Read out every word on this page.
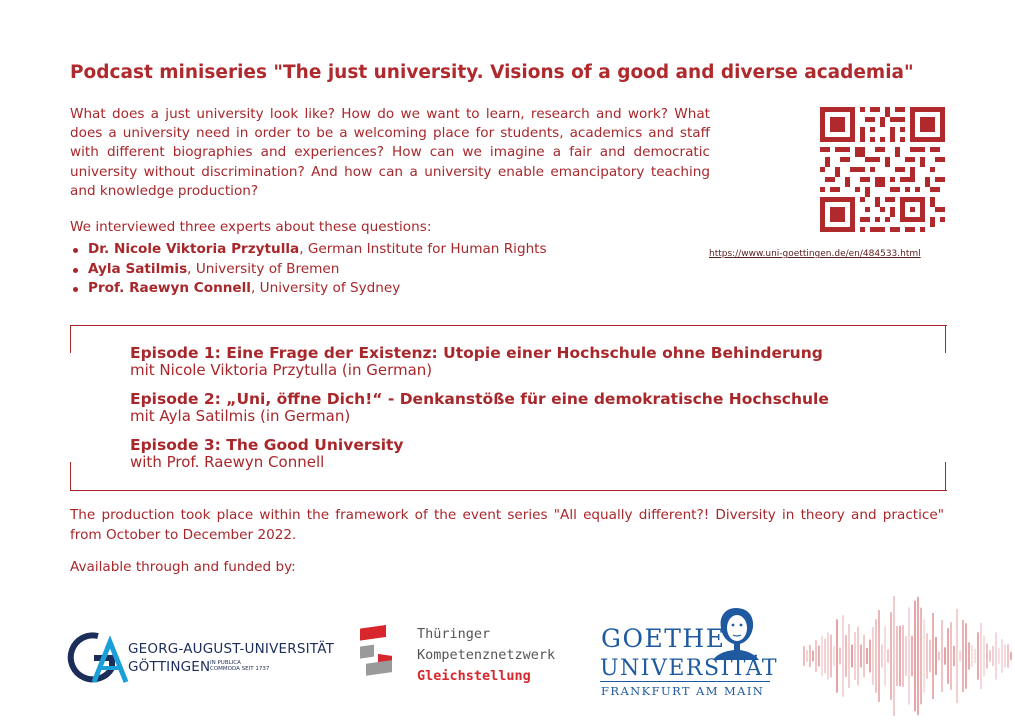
Podcast miniseries "The just university. Visions of a good and diverse academia"
What does a just university look like? How do we want to learn, research and work? What does a university need in order to be a welcoming place for students, academics and staff with different biographies and experiences? How can we imagine a fair and democratic university without discrimination? And how can a university enable emancipatory teaching and knowledge production?
We interviewed three experts about these questions:
Dr. Nicole Viktoria Przytulla, German Institute for Human Rights
Ayla Satilmis, University of Bremen
Prof. Raewyn Connell, University of Sydney
https://www.uni-goettingen.de/en/484533.html
Episode 1: Eine Frage der Existenz: Utopie einer Hochschule ohne Behinderung
mit Nicole Viktoria Przytulla (in German)
Episode 2: „Uni, öffne Dich!“ - Denkanstöße für eine demokratische Hochschule
mit Ayla Satilmis (in German)
Episode 3: The Good University
with Prof. Raewyn Connell
The production took place within the framework of the event series "All equally different?! Diversity in theory and practice" from October to December 2022.
Available through and funded by:
GEORG-AUGUST-UNIVERSITÄT
GÖTTINGEN IN PUBLICA COMMODA SEIT 1737
Thüringer
Kompetenznetzwerk
Gleichstellung
GOETHE
UNIVERSITÄT
FRANKFURT AM MAIN
